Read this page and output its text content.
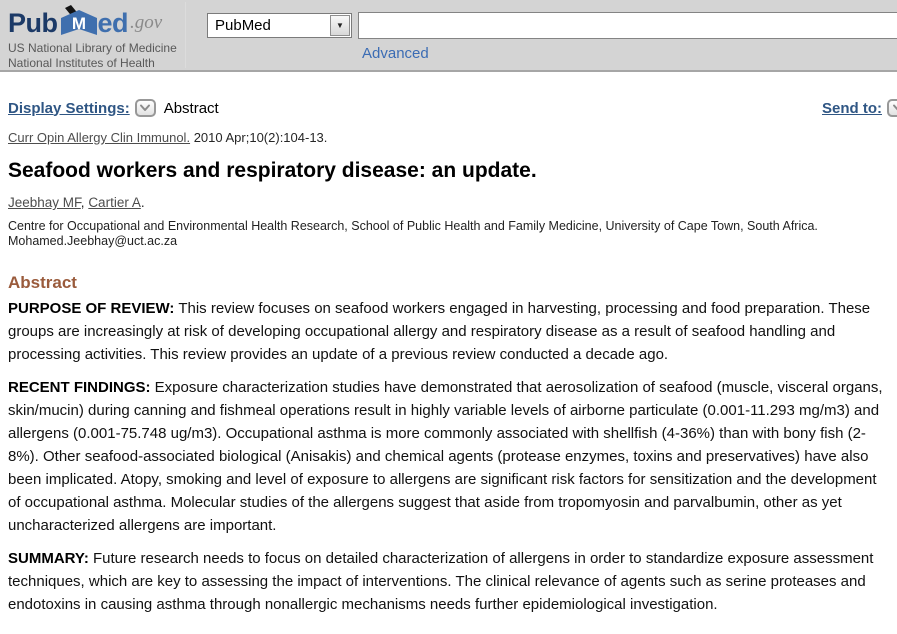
Pub M ed .gov
US National Library of Medicine
National Institutes of Health
PubMed	▼
Advanced
Display Settings: Abstract	Send to:
Curr Opin Allergy Clin Immunol. 2010 Apr;10(2):104-13.
Seafood workers and respiratory disease: an update.
Jeebhay MF, Cartier A.
Centre for Occupational and Environmental Health Research, School of Public Health and Family Medicine, University of Cape Town, South Africa. Mohamed.Jeebhay@uct.ac.za
Abstract

PURPOSE OF REVIEW: This review focuses on seafood workers engaged in harvesting, processing and food preparation. These groups are increasingly at risk of developing occupational allergy and respiratory disease as a result of seafood handling and processing activities. This review provides an update of a previous review conducted a decade ago.

RECENT FINDINGS: Exposure characterization studies have demonstrated that aerosolization of seafood (muscle, visceral organs, skin/mucin) during canning and fishmeal operations result in highly variable levels of airborne particulate (0.001-11.293 mg/m3) and allergens (0.001-75.748 ug/m3). Occupational asthma is more commonly associated with shellfish (4-36%) than with bony fish (2-8%). Other seafood-associated biological (Anisakis) and chemical agents (protease enzymes, toxins and preservatives) have also been implicated. Atopy, smoking and level of exposure to allergens are significant risk factors for sensitization and the development of occupational asthma. Molecular studies of the allergens suggest that aside from tropomyosin and parvalbumin, other as yet uncharacterized allergens are important.

SUMMARY: Future research needs to focus on detailed characterization of allergens in order to standardize exposure assessment techniques, which are key to assessing the impact of interventions. The clinical relevance of agents such as serine proteases and endotoxins in causing asthma through nonallergic mechanisms needs further epidemiological investigation.
